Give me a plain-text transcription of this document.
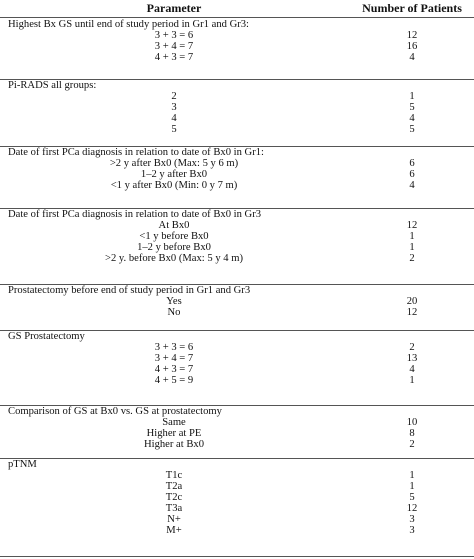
Parameter	Number of Patients
Highest Bx GS until end of study period in Gr1 and Gr3:
3 + 3 = 6	12
3 + 4 = 7	16
4 + 3 = 7	4
Pi-RADS all groups:
2	1
3	5
4	4
5	5
Date of first PCa diagnosis in relation to date of Bx0 in Gr1:
>2 y after Bx0 (Max: 5 y 6 m)	6
1–2 y after Bx0	6
<1 y after Bx0 (Min: 0 y 7 m)	4
Date of first PCa diagnosis in relation to date of Bx0 in Gr3
At Bx0	12
<1 y before Bx0	1
1–2 y before Bx0	1
>2 y. before Bx0 (Max: 5 y 4 m)	2
Prostatectomy before end of study period in Gr1 and Gr3
Yes	20
No	12
GS Prostatectomy
3 + 3 = 6	2
3 + 4 = 7	13
4 + 3 = 7	4
4 + 5 = 9	1
Comparison of GS at Bx0 vs. GS at prostatectomy
Same	10
Higher at PE	8
Higher at Bx0	2
pTNM
T1c	1
T2a	1
T2c	5
T3a	12
N+	3
M+	3
